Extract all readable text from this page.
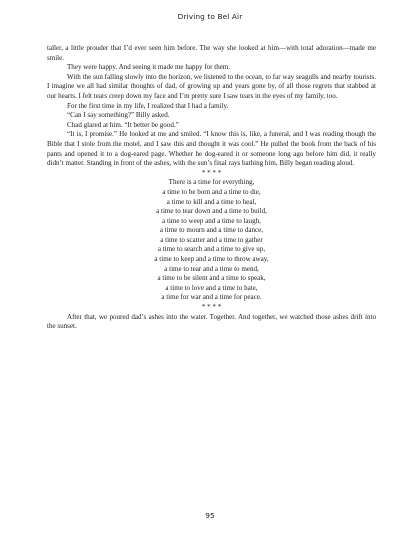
Driving to Bel Air

taller, a little prouder that I’d ever seen him before. The way she looked at him—with total adoration—made me smile.

They were happy. And seeing it made me happy for them.

With the sun falling slowly into the horizon, we listened to the ocean, to far way seagulls and nearby tourists. I imagine we all had similar thoughts of dad, of growing up and years gone by, of all those regrets that stabbed at our hearts. I felt tears creep down my face and I’m pretty sure I saw tears in the eyes of my family, too.

For the first time in my life, I realized that I had a family.

“Can I say something?” Billy asked.

Chad glared at him. “It better be good.”

“It is, I promise.” He looked at me and smiled. “I know this is, like, a funeral, and I was reading though the Bible that I stole from the motel, and I saw this and thought it was cool.” He pulled the book from the back of his pants and opened it to a dog-eared page. Whether he dog-eared it or someone long ago before him did, it really didn’t matter. Standing in front of the ashes, with the sun’s final rays bathing him, Billy began reading aloud.

* * * *

There is a time for everything,

a time to be born and a time to die,

a time to kill and a time to heal,

a time to tear down and a time to build,

a time to weep and a time to laugh,

a time to mourn and a time to dance,

a time to scatter and a time to gather

a time to search and a time to give up,

a time to keep and a time to throw away,

a time to tear and a time to mend,

a time to be silent and a time to speak,

a time to love and a time to hate,

a time for war and a time for peace.

* * * *

After that, we poured dad’s ashes into the water. Together. And together, we watched those ashes drift into the sunset.

95
